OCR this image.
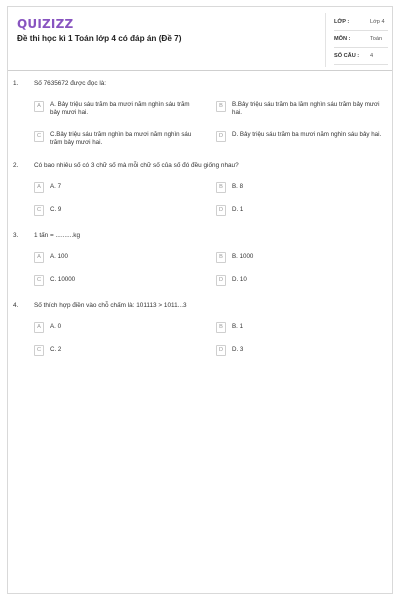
QUIZIZZ
Đề thi học kì 1 Toán lớp 4 có đáp án (Đề 7)
LỚP :	Lớp 4
MÔN :	Toán
SỐ CÂU : 4
1. Số 7635672 được đọc là:
A	A. Bảy triệu sáu trăm ba mươi năm nghìn sáu trăm bảy mươi hai.
B	B.Bảy triệu sáu trăm ba lăm nghìn sáu trăm bảy mươi hai.
C	C.Bảy triệu sáu trăm nghìn ba mươi năm nghìn sáu trăm bảy mươi hai.
D	D. Bảy triệu sáu trăm ba mươi năm nghìn sáu bảy hai.
2. Có bao nhiêu số có 3 chữ số mà mỗi chữ số của số đó đều giống nhau?
A	A. 7	B	B. 8
C	C. 9	D	D. 1
3. 1 tấn = ..........kg
A	A. 100	B	B. 1000
C	C. 10000	D	D. 10
4. Số thích hợp điền vào chỗ chấm là: 101113 > 1011...3
A	A. 0	B	B. 1
C	C. 2	D	D. 3
